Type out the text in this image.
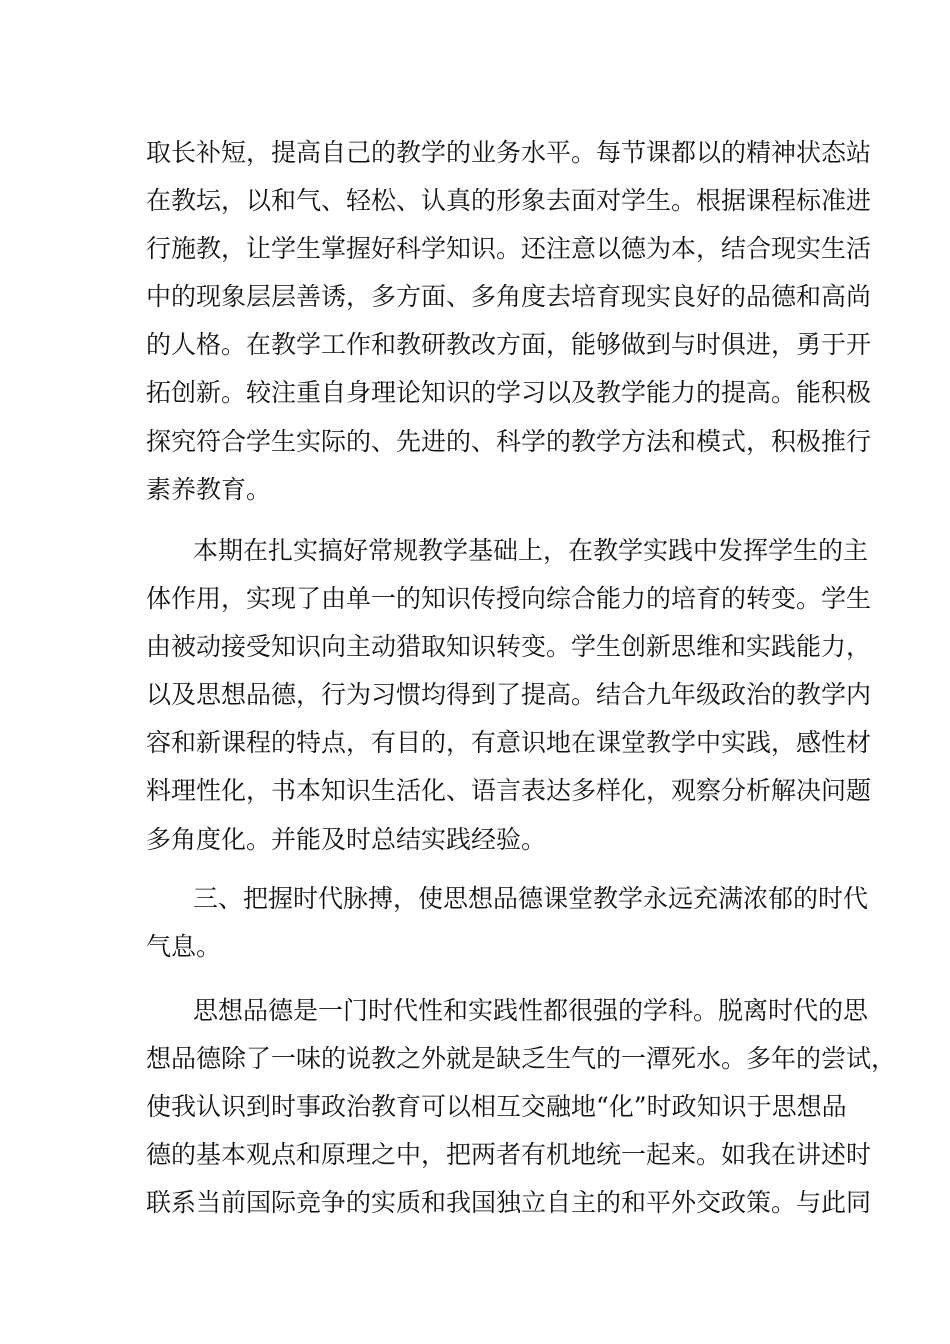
取长补短，提高自己的教学的业务水平。每节课都以的精神状态站
在教坛，以和气、轻松、认真的形象去面对学生。根据课程标准进
行施教，让学生掌握好科学知识。还注意以德为本，结合现实生活
中的现象层层善诱，多方面、多角度去培育现实良好的品德和高尚
的人格。在教学工作和教研教改方面，能够做到与时俱进，勇于开
拓创新。较注重自身理论知识的学习以及教学能力的提高。能积极
探究符合学生实际的、先进的、科学的教学方法和模式，积极推行
素养教育。
本期在扎实搞好常规教学基础上，在教学实践中发挥学生的主
体作用，实现了由单一的知识传授向综合能力的培育的转变。学生
由被动接受知识向主动猎取知识转变。学生创新思维和实践能力，
以及思想品德，行为习惯均得到了提高。结合九年级政治的教学内
容和新课程的特点，有目的，有意识地在课堂教学中实践，感性材
料理性化，书本知识生活化、语言表达多样化，观察分析解决问题
多角度化。并能及时总结实践经验。
三、把握时代脉搏，使思想品德课堂教学永远充满浓郁的时代
气息。
思想品德是一门时代性和实践性都很强的学科。脱离时代的思
想品德除了一味的说教之外就是缺乏生气的一潭死水。多年的尝试，
使我认识到时事政治教育可以相互交融地“化”时政知识于思想品
德的基本观点和原理之中，把两者有机地统一起来。如我在讲述时
联系当前国际竞争的实质和我国独立自主的和平外交政策。与此同
